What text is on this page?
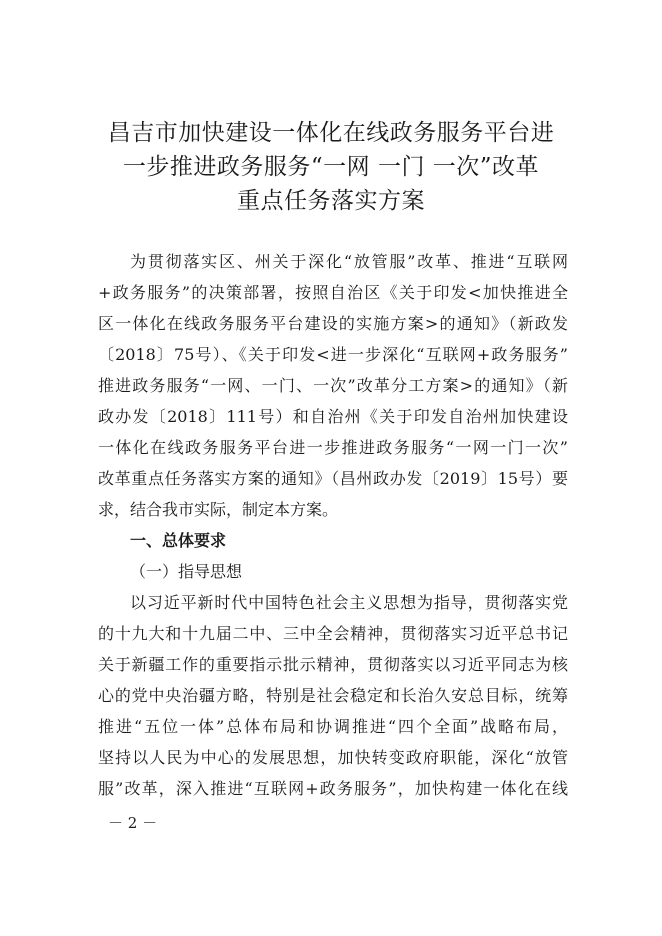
昌吉市加快建设一体化在线政务服务平台进
一步推进政务服务“一网 一门 一次”改革
重点任务落实方案
为贯彻落实区、州关于深化“放管服”改革、推进“互联网
+政务服务”的决策部署，按照自治区《关于印发<加快推进全
区一体化在线政务服务平台建设的实施方案>的通知》（新政发
〔2018〕75号）、《关于印发<进一步深化“互联网+政务服务”
推进政务服务“一网、一门、一次”改革分工方案>的通知》（新
政办发〔2018〕111号）和自治州《关于印发自治州加快建设
一体化在线政务服务平台进一步推进政务服务“一网一门一次”
改革重点任务落实方案的通知》（昌州政办发〔2019〕15号）要
求，结合我市实际，制定本方案。
一、总体要求
（一）指导思想
以习近平新时代中国特色社会主义思想为指导，贯彻落实党
的十九大和十九届二中、三中全会精神，贯彻落实习近平总书记
关于新疆工作的重要指示批示精神，贯彻落实以习近平同志为核
心的党中央治疆方略，特别是社会稳定和长治久安总目标，统筹
推进“五位一体”总体布局和协调推进“四个全面”战略布局，
坚持以人民为中心的发展思想，加快转变政府职能，深化“放管
服”改革，深入推进“互联网+政务服务”，加快构建一体化在线
－ 2 －
